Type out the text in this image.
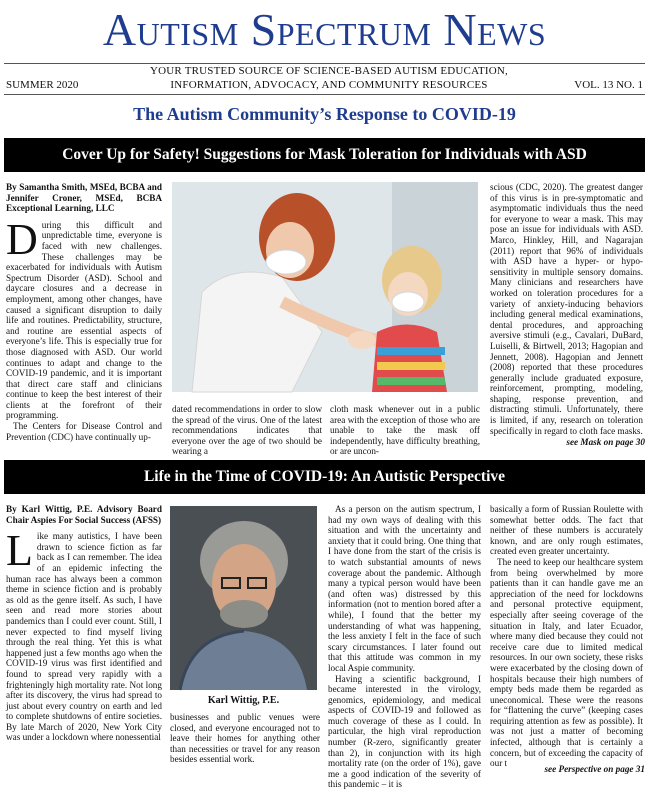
Autism Spectrum News
YOUR TRUSTED SOURCE OF SCIENCE-BASED AUTISM EDUCATION, INFORMATION, ADVOCACY, AND COMMUNITY RESOURCES
SUMMER 2020	VOL. 13 NO. 1
The Autism Community’s Response to COVID-19
Cover Up for Safety! Suggestions for Mask Toleration for Individuals with ASD

By Samantha Smith, MSEd, BCBA and Jennifer Croner, MSEd, BCBA Exceptional Learning, LLC

During this difficult and unpredictable time, everyone is faced with new challenges. These challenges may be exacerbated for individuals with Autism Spectrum Disorder (ASD). School and daycare closures and a decrease in employment, among other changes, have caused a significant disruption to daily life and routines. Predictability, structure, and routine are essential aspects of everyone’s life. This is especially true for those diagnosed with ASD. Our world continues to adapt and change to the COVID-19 pandemic, and it is important that direct care staff and clinicians continue to keep the best interest of their clients at the forefront of their programming.

The Centers for Disease Control and Prevention (CDC) have continually up-

dated recommendations in order to slow the spread of the virus. One of the latest recommendations indicates that everyone over the age of two should be wearing a

cloth mask whenever out in a public area with the exception of those who are unable to take the mask off independently, have difficulty breathing, or are uncon-

scious (CDC, 2020). The greatest danger of this virus is in pre-symptomatic and asymptomatic individuals thus the need for everyone to wear a mask. This may pose an issue for individuals with ASD. Marco, Hinkley, Hill, and Nagarajan (2011) report that 96% of individuals with ASD have a hyper- or hypo-sensitivity in multiple sensory domains. Many clinicians and researchers have worked on toleration procedures for a variety of anxiety-inducing behaviors including general medical examinations, dental procedures, and approaching aversive stimuli (e.g., Cavalari, DuBard, Luiselli, & Birtwell, 2013; Hagopian and Jennett, 2008). Hagopian and Jennett (2008) reported that these procedures generally include graduated exposure, reinforcement, prompting, modeling, shaping, response prevention, and distracting stimuli. Unfortunately, there is limited, if any, research on toleration specifically in regard to cloth face masks.

see Mask on page 30
Life in the Time of COVID-19: An Autistic Perspective

By Karl Wittig, P.E. Advisory Board Chair Aspies For Social Success (AFSS)

Like many autistics, I have been drawn to science fiction as far back as I can remember. The idea of an epidemic infecting the human race has always been a common theme in science fiction and is probably as old as the genre itself. As such, I have seen and read more stories about pandemics than I could ever count. Still, I never expected to find myself living through the real thing. Yet this is what happened just a few months ago when the COVID-19 virus was first identified and found to spread very rapidly with a frighteningly high mortality rate. Not long after its discovery, the virus had spread to just about every country on earth and led to complete shutdowns of entire societies. By late March of 2020, New York City was under a lockdown where nonessential

Karl Wittig, P.E.

businesses and public venues were closed, and everyone encouraged not to leave their homes for anything other than necessities or travel for any reason besides essential work.

As a person on the autism spectrum, I had my own ways of dealing with this situation and with the uncertainty and anxiety that it could bring. One thing that I have done from the start of the crisis is to watch substantial amounts of news coverage about the pandemic. Although many a typical person would have been (and often was) distressed by this information (not to mention bored after a while), I found that the better my understanding of what was happening, the less anxiety I felt in the face of such scary circumstances. I later found out that this attitude was common in my local Aspie community.

Having a scientific background, I became interested in the virology, genomics, epidemiology, and medical aspects of COVID-19 and followed as much coverage of these as I could. In particular, the high viral reproduction number (R-zero, significantly greater than 2), in conjunction with its high mortality rate (on the order of 1%), gave me a good indication of the severity of this pandemic – it is

basically a form of Russian Roulette with somewhat better odds. The fact that neither of these numbers is accurately known, and are only rough estimates, created even greater uncertainty.

The need to keep our healthcare system from being overwhelmed by more patients than it can handle gave me an appreciation of the need for lockdowns and personal protective equipment, especially after seeing coverage of the situation in Italy, and later Ecuador, where many died because they could not receive care due to limited medical resources. In our own society, these risks were exacerbated by the closing down of hospitals because their high numbers of empty beds made them be regarded as uneconomical. These were the reasons for “flattening the curve” (keeping cases requiring attention as few as possible). It was not just a matter of becoming infected, although that is certainly a concern, but of exceeding the capacity of our t

see Perspective on page 31
